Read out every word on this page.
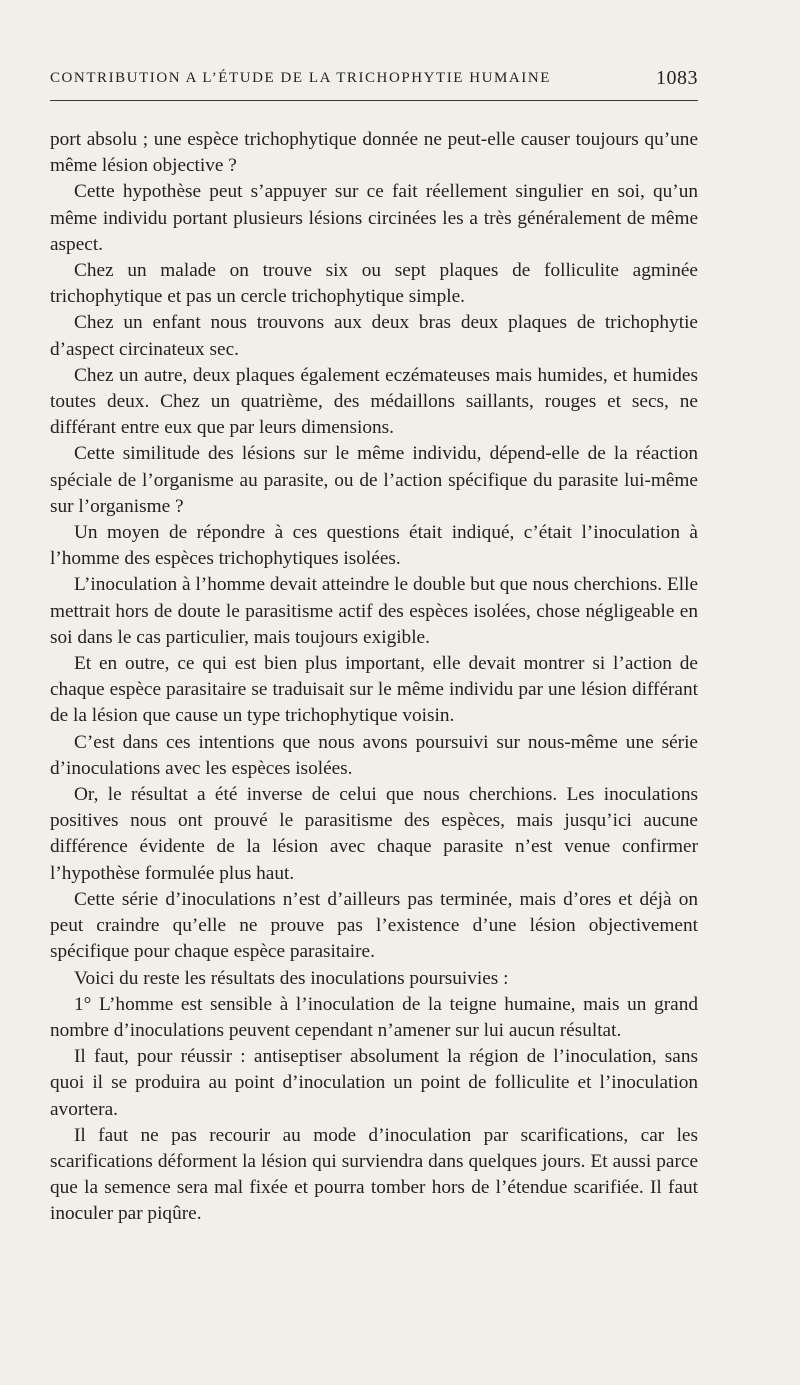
CONTRIBUTION A L’ÉTUDE DE LA TRICHOPHYTIE HUMAINE	1083

port absolu ; une espèce trichophytique donnée ne peut-elle causer toujours qu’une même lésion objective ?

Cette hypothèse peut s’appuyer sur ce fait réellement singulier en soi, qu’un même individu portant plusieurs lésions circinées les a très généralement de même aspect.

Chez un malade on trouve six ou sept plaques de folliculite agminée trichophytique et pas un cercle trichophytique simple.

Chez un enfant nous trouvons aux deux bras deux plaques de trichophytie d’aspect circinateux sec.

Chez un autre, deux plaques également eczémateuses mais humides, et humides toutes deux. Chez un quatrième, des médaillons saillants, rouges et secs, ne différant entre eux que par leurs dimensions.

Cette similitude des lésions sur le même individu, dépend-elle de la réaction spéciale de l’organisme au parasite, ou de l’action spécifique du parasite lui-même sur l’organisme ?

Un moyen de répondre à ces questions était indiqué, c’était l’inoculation à l’homme des espèces trichophytiques isolées.

L’inoculation à l’homme devait atteindre le double but que nous cherchions. Elle mettrait hors de doute le parasitisme actif des espèces isolées, chose négligeable en soi dans le cas particulier, mais toujours exigible.

Et en outre, ce qui est bien plus important, elle devait montrer si l’action de chaque espèce parasitaire se traduisait sur le même individu par une lésion différant de la lésion que cause un type trichophytique voisin.

C’est dans ces intentions que nous avons poursuivi sur nous-même une série d’inoculations avec les espèces isolées.

Or, le résultat a été inverse de celui que nous cherchions. Les inoculations positives nous ont prouvé le parasitisme des espèces, mais jusqu’ici aucune différence évidente de la lésion avec chaque parasite n’est venue confirmer l’hypothèse formulée plus haut.

Cette série d’inoculations n’est d’ailleurs pas terminée, mais d’ores et déjà on peut craindre qu’elle ne prouve pas l’existence d’une lésion objectivement spécifique pour chaque espèce parasitaire.

Voici du reste les résultats des inoculations poursuivies :

1° L’homme est sensible à l’inoculation de la teigne humaine, mais un grand nombre d’inoculations peuvent cependant n’amener sur lui aucun résultat.

Il faut, pour réussir : antiseptiser absolument la région de l’inoculation, sans quoi il se produira au point d’inoculation un point de folliculite et l’inoculation avortera.

Il faut ne pas recourir au mode d’inoculation par scarifications, car les scarifications déforment la lésion qui surviendra dans quelques jours. Et aussi parce que la semence sera mal fixée et pourra tomber hors de l’étendue scarifiée. Il faut inoculer par piqûre.
